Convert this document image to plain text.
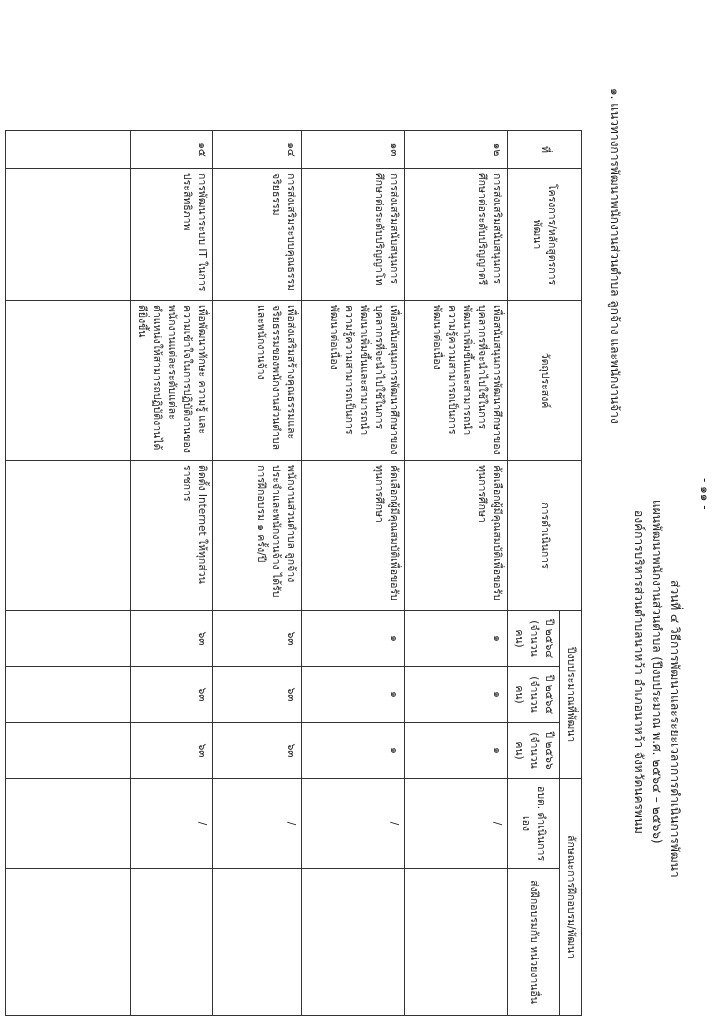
- ๑๑ -
ส่วนที่ ๔ วิธีการพัฒนาและระยะเวลาการดำเนินการพัฒนา
แผนพัฒนาพนักงานส่วนตำบล (ปีงบประมาณ พ.ศ. ๒๕๖๔ – ๒๕๖๖)
องค์การบริหารส่วนตำบลนาหว้า อำเภอนาหว้า จังหวัดนครพนม
๑. แนวทางการพัฒนาพนักงานส่วนตำบล ลูกจ้าง และพนักงานจ้าง
ที่	โครงการ/หลักสูตรการพัฒนา	วัตถุประสงค์	การดำเนินการ	ปีงบประมาณที่พัฒนา			ลักษณะการฝึกอบรม/พัฒนา	
				ปี ๒๕๖๔ (จำนวน คน)	ปี ๒๕๖๕ (จำนวน คน)	ปี ๒๕๖๖ (จำนวน คน)	อบต. ดำเนินการเอง	ส่งฝึกอบรมกับ หน่วยงานอื่น
๑๒	การส่งเสริมสนับสนุนการศึกษาต่อระดับปริญญาตรี	เพื่อสนับสนุนการพัฒนาศึกษาของบุคลากรที่จะนำไปใช้ในการพัฒนาเพิ่มขึ้นและสามารถนำความรู้ความสามารถเป็นการพัฒนาต่อเนื่อง	คัดเลือกผู้มีคุณสมบัติเพื่อขอรับทุนการศึกษา	๑	๑	๑	/	
๑๓	การส่งเสริมสนับสนุนการศึกษาต่อระดับปริญญาโท	เพื่อสนับสนุนการพัฒนาศึกษาของบุคลากรที่จะนำไปใช้ในการพัฒนาเพิ่มขึ้นและสามารถนำความรู้ความสามารถเป็นการพัฒนาต่อเนื่อง	คัดเลือกผู้มีคุณสมบัติเพื่อขอรับทุนการศึกษา	๑	๑	๑	/	
๑๔	การส่งเสริมระบบคุณธรรมจริยธรรม	เพื่อส่งเสริมสร้างคุณธรรมและจริยธรรมของพนักงานส่วนตำบลและพนักงานจ้าง	พนักงานส่วนตำบล ลูกจ้างประจำและพนักงานจ้าง ได้รับการฝึกอบรม ๑ ครั้ง/ปี	๖๓	๖๓	๖๓	/	
๑๕	การพัฒนาระบบ IT ในการประสิทธิภาพ	เพื่อพัฒนาทักษะ ความรู้ และความเข้าใจในการปฏิบัติงานของพนักงานแต่ละระดับแต่ละตำแหน่งให้สามารถปฏิบัติงานได้ดียิ่งขึ้น	ติดตั้ง Internet ให้ทุกส่วนราชการ	๖๓	๖๓	๖๓	/	
